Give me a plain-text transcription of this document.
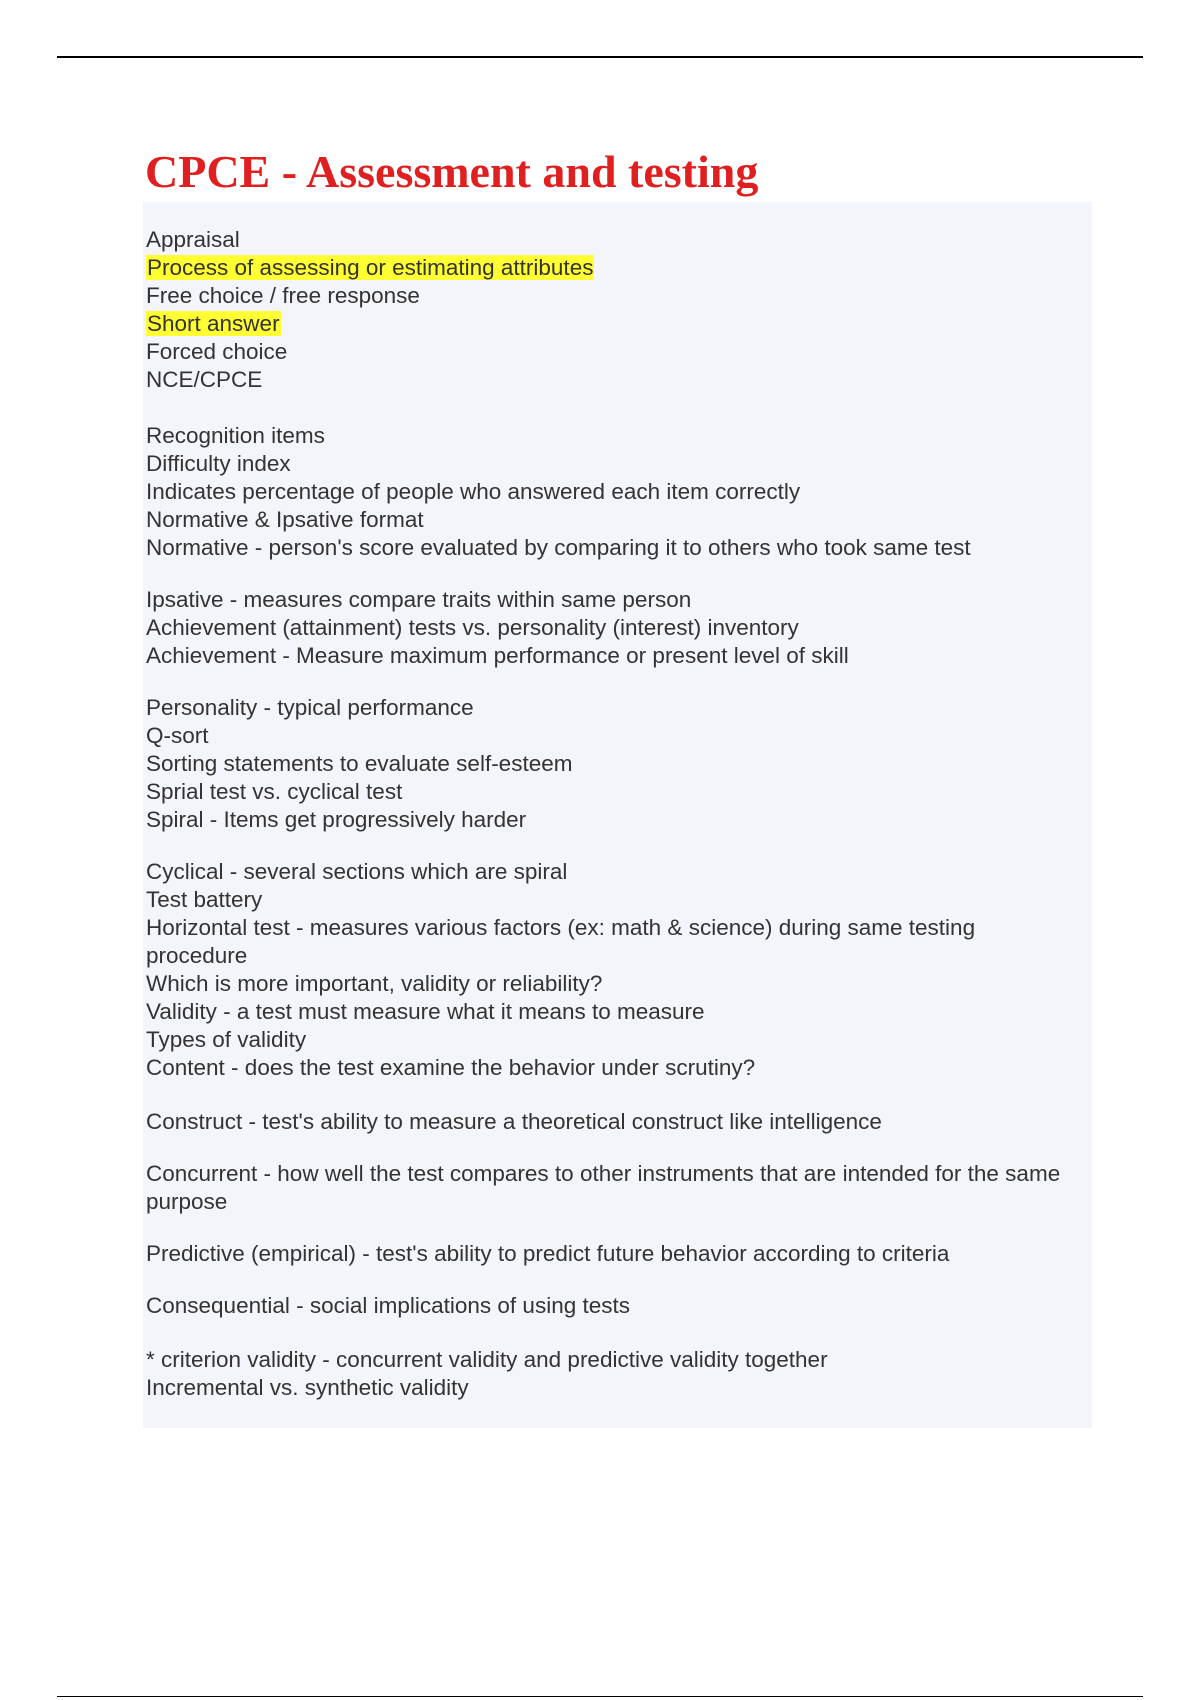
CPCE - Assessment and testing
Appraisal
Process of assessing or estimating attributes
Free choice / free response
Short answer
Forced choice
NCE/CPCE
Recognition items
Difficulty index
Indicates percentage of people who answered each item correctly
Normative & Ipsative format
Normative - person's score evaluated by comparing it to others who took same test
Ipsative - measures compare traits within same person
Achievement (attainment) tests vs. personality (interest) inventory
Achievement - Measure maximum performance or present level of skill
Personality - typical performance
Q-sort
Sorting statements to evaluate self-esteem
Sprial test vs. cyclical test
Spiral - Items get progressively harder
Cyclical - several sections which are spiral
Test battery
Horizontal test - measures various factors (ex: math & science) during same testing procedure
Which is more important, validity or reliability?
Validity - a test must measure what it means to measure
Types of validity
Content - does the test examine the behavior under scrutiny?
Construct - test's ability to measure a theoretical construct like intelligence
Concurrent - how well the test compares to other instruments that are intended for the same purpose
Predictive (empirical) - test's ability to predict future behavior according to criteria
Consequential - social implications of using tests
* criterion validity - concurrent validity and predictive validity together
Incremental vs. synthetic validity
